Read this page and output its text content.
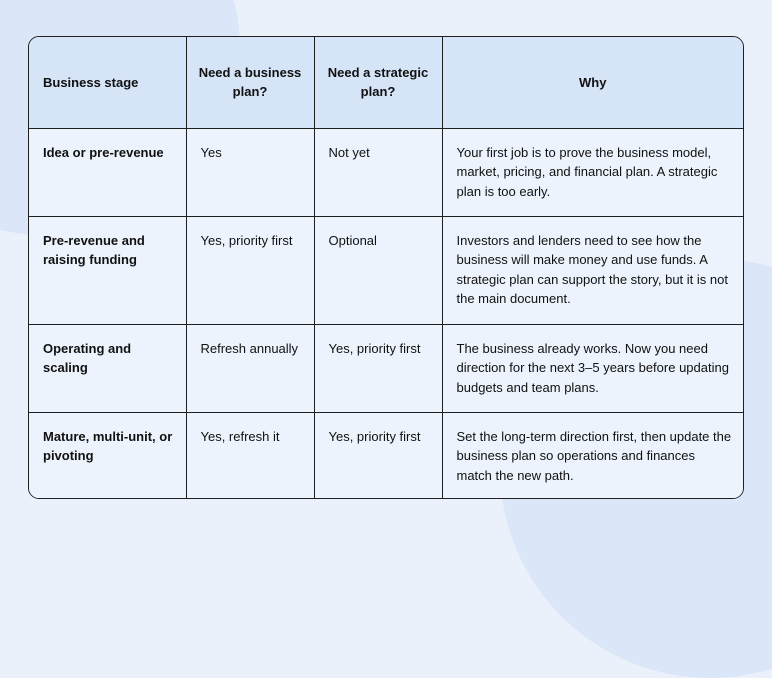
Business stage	Need a business plan?	Need a strategic plan?	Why
Idea or pre-revenue	Yes	Not yet	Your first job is to prove the business model, market, pricing, and financial plan. A strategic plan is too early.
Pre-revenue and raising funding	Yes, priority first	Optional	Investors and lenders need to see how the business will make money and use funds. A strategic plan can support the story, but it is not the main document.
Operating and scaling	Refresh annually	Yes, priority first	The business already works. Now you need direction for the next 3–5 years before updating budgets and team plans.
Mature, multi-unit, or pivoting	Yes, refresh it	Yes, priority first	Set the long-term direction first, then update the business plan so operations and finances match the new path.
